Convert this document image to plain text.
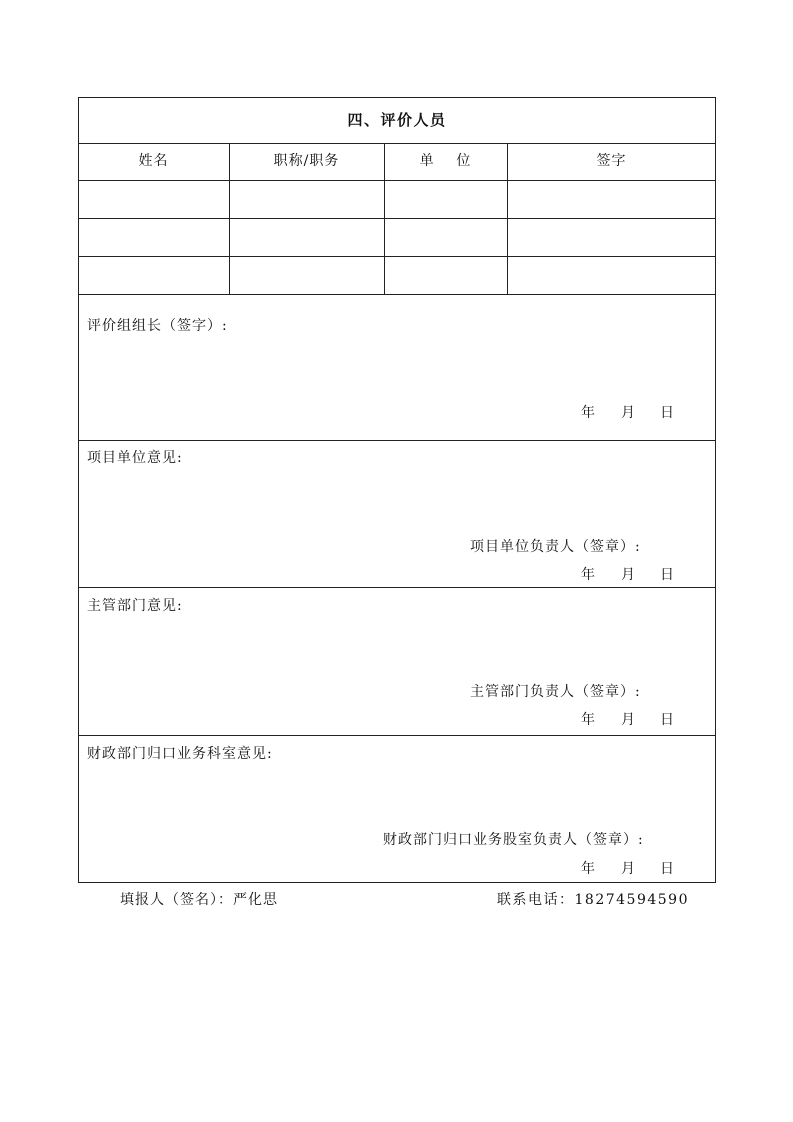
四、评价人员
姓名	职称/职务	单    位	签字
评价组组长（签字）:
年 月 日
项目单位意见:
项目单位负责人（签章）:
年 月 日
主管部门意见:
主管部门负责人（签章）:
年 月 日
财政部门归口业务科室意见:
财政部门归口业务股室负责人（签章）:
年 月 日
填报人（签名）：严化思	联系电话：18274594590
